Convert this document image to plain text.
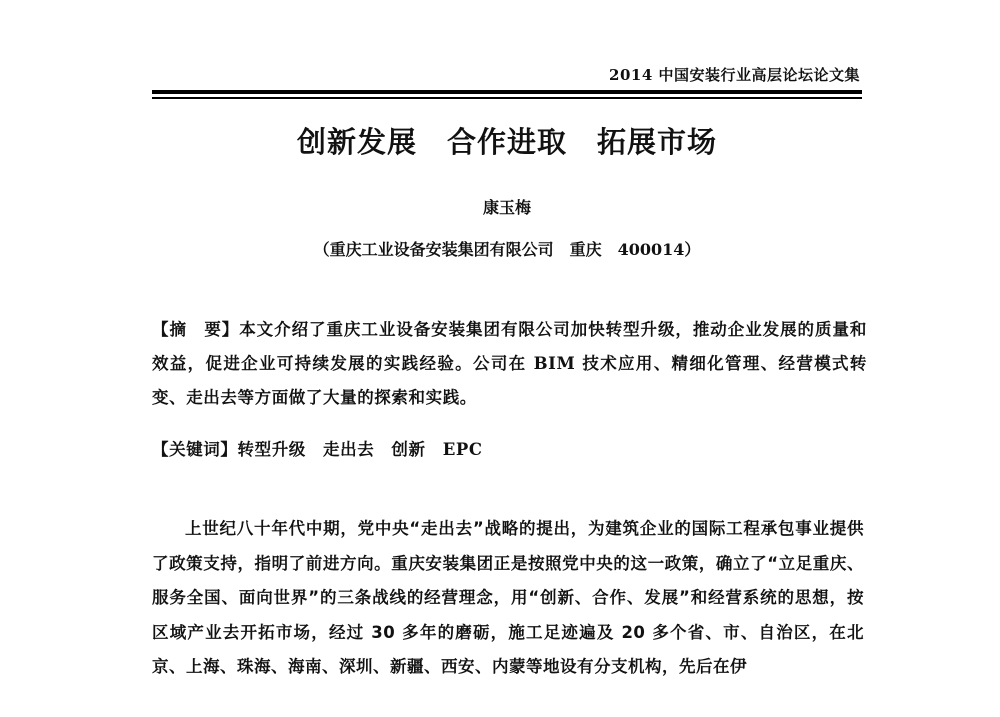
2014 中国安装行业高层论坛论文集
创新发展　合作进取　拓展市场
康玉梅
（重庆工业设备安装集团有限公司　重庆　400014）
【摘　要】本文介绍了重庆工业设备安装集团有限公司加快转型升级，推动企业发展的质量和效益，促进企业可持续发展的实践经验。公司在 BIM 技术应用、精细化管理、经营模式转变、走出去等方面做了大量的探索和实践。
【关键词】转型升级　走出去　创新　EPC
上世纪八十年代中期，党中央“走出去”战略的提出，为建筑企业的国际工程承包事业提供了政策支持，指明了前进方向。重庆安装集团正是按照党中央的这一政策，确立了“立足重庆、服务全国、面向世界”的三条战线的经营理念，用“创新、合作、发展”和经营系统的思想，按区域产业去开拓市场，经过 30 多年的磨砺，施工足迹遍及 20 多个省、市、自治区，在北京、上海、珠海、海南、深圳、新疆、西安、内蒙等地设有分支机构，先后在伊
